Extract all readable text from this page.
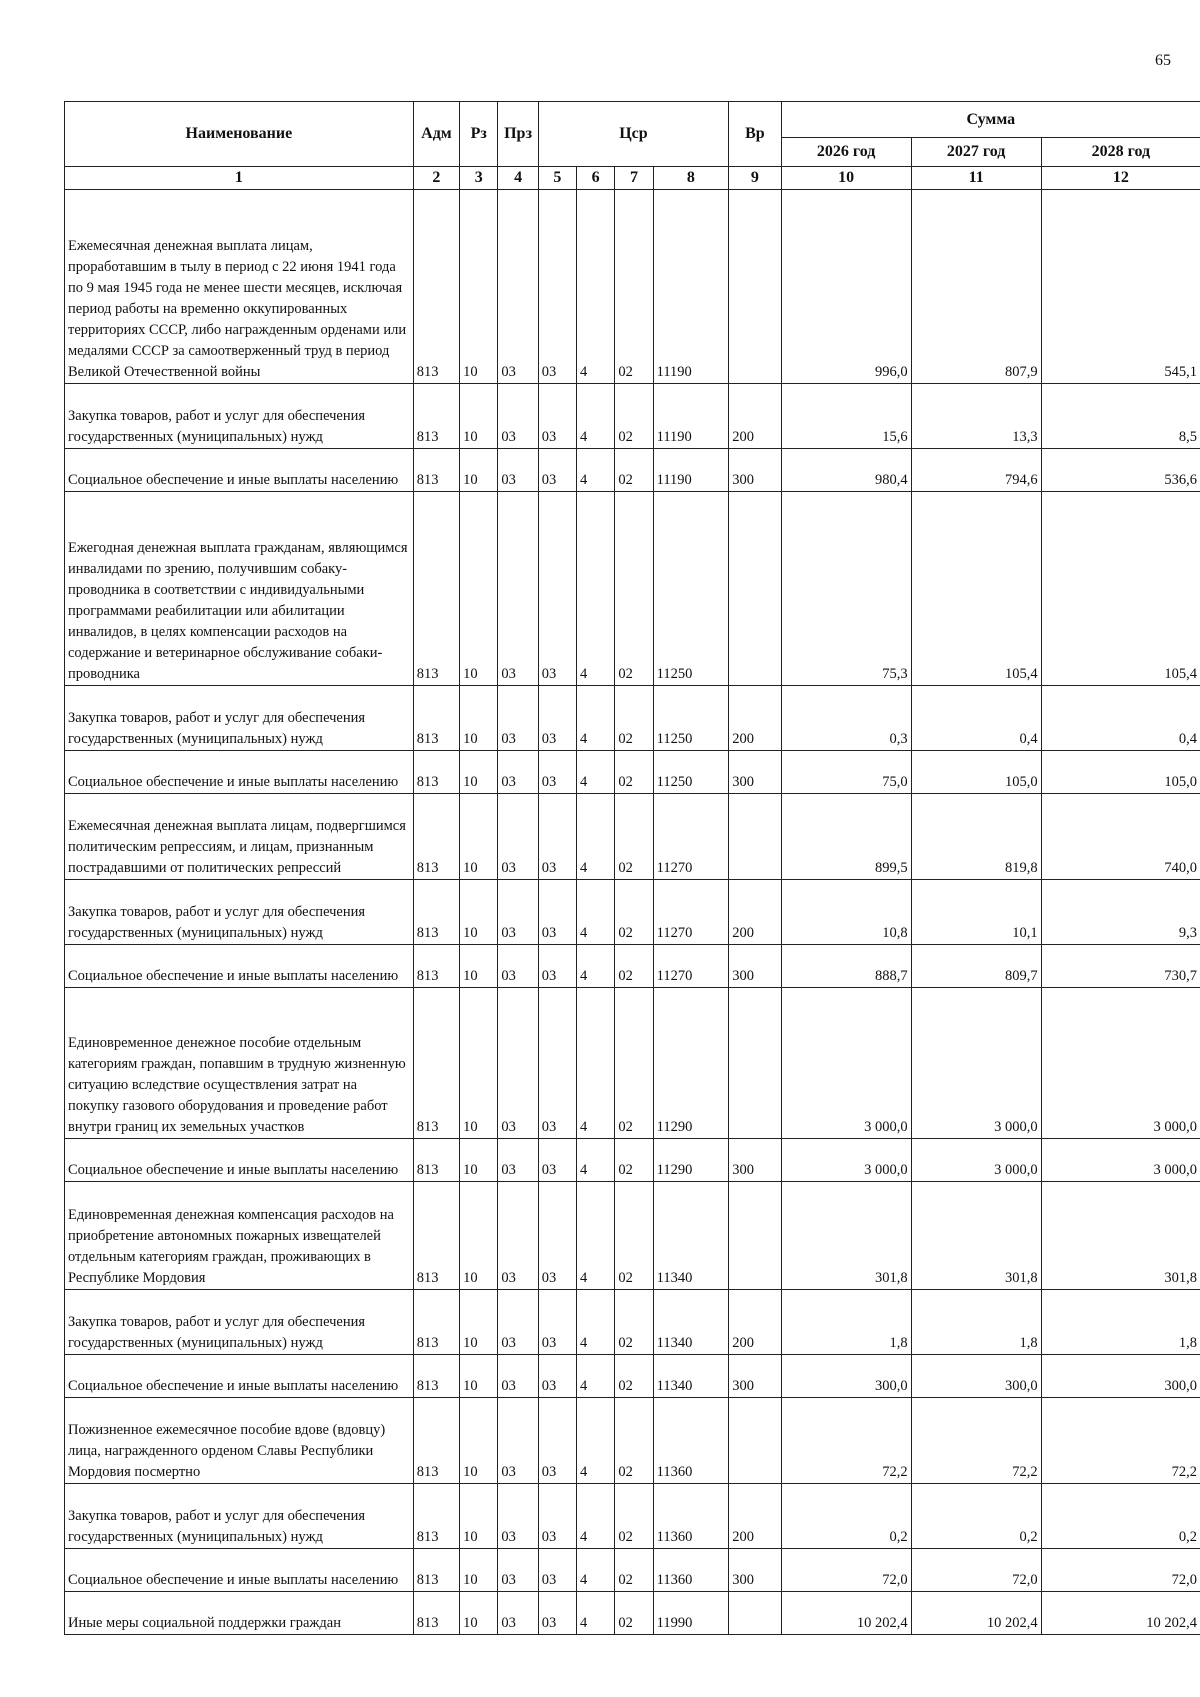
65
Наименование	Адм	Рз	Прз	Цср				Вр	Сумма		
									2026 год	2027 год	2028 год
1	2	3	4	5	6	7	8	9	10	11	12
Ежемесячная денежная выплата лицам, проработавшим в тылу в период с 22 июня 1941 года по 9 мая 1945 года не менее шести месяцев, исключая период работы на временно оккупированных территориях СССР, либо награжденным орденами или медалями СССР за самоотверженный труд в период Великой Отечественной войны	813	10	03	03	4	02	11190		996,0	807,9	545,1
Закупка товаров, работ и услуг для обеспечения государственных (муниципальных) нужд	813	10	03	03	4	02	11190	200	15,6	13,3	8,5
Социальное обеспечение и иные выплаты населению	813	10	03	03	4	02	11190	300	980,4	794,6	536,6
Ежегодная денежная выплата гражданам, являющимся инвалидами по зрению, получившим собаку-проводника в соответствии с индивидуальными программами реабилитации или абилитации инвалидов, в целях компенсации расходов на содержание и ветеринарное обслуживание собаки-проводника	813	10	03	03	4	02	11250		75,3	105,4	105,4
Закупка товаров, работ и услуг для обеспечения государственных (муниципальных) нужд	813	10	03	03	4	02	11250	200	0,3	0,4	0,4
Социальное обеспечение и иные выплаты населению	813	10	03	03	4	02	11250	300	75,0	105,0	105,0
Ежемесячная денежная выплата лицам, подвергшимся политическим репрессиям, и лицам, признанным пострадавшими от политических репрессий	813	10	03	03	4	02	11270		899,5	819,8	740,0
Закупка товаров, работ и услуг для обеспечения государственных (муниципальных) нужд	813	10	03	03	4	02	11270	200	10,8	10,1	9,3
Социальное обеспечение и иные выплаты населению	813	10	03	03	4	02	11270	300	888,7	809,7	730,7
Единовременное денежное пособие отдельным категориям граждан, попавшим в трудную жизненную ситуацию вследствие осуществления затрат на покупку газового оборудования и проведение работ внутри границ их земельных участков	813	10	03	03	4	02	11290		3 000,0	3 000,0	3 000,0
Социальное обеспечение и иные выплаты населению	813	10	03	03	4	02	11290	300	3 000,0	3 000,0	3 000,0
Единовременная денежная компенсация расходов на приобретение автономных пожарных извещателей отдельным категориям граждан, проживающих в Республике Мордовия	813	10	03	03	4	02	11340		301,8	301,8	301,8
Закупка товаров, работ и услуг для обеспечения государственных (муниципальных) нужд	813	10	03	03	4	02	11340	200	1,8	1,8	1,8
Социальное обеспечение и иные выплаты населению	813	10	03	03	4	02	11340	300	300,0	300,0	300,0
Пожизненное ежемесячное пособие вдове (вдовцу) лица, награжденного орденом Славы Республики Мордовия посмертно	813	10	03	03	4	02	11360		72,2	72,2	72,2
Закупка товаров, работ и услуг для обеспечения государственных (муниципальных) нужд	813	10	03	03	4	02	11360	200	0,2	0,2	0,2
Социальное обеспечение и иные выплаты населению	813	10	03	03	4	02	11360	300	72,0	72,0	72,0
Иные меры социальной поддержки граждан	813	10	03	03	4	02	11990		10 202,4	10 202,4	10 202,4
